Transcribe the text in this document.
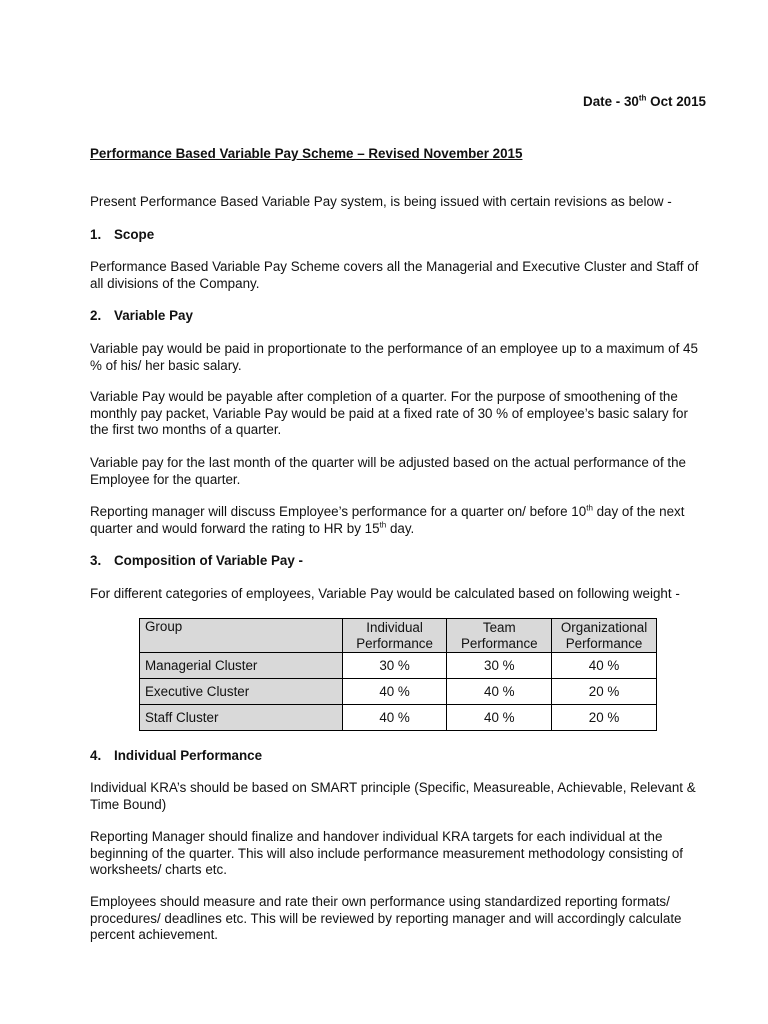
Date - 30th Oct 2015
Performance Based Variable Pay Scheme – Revised November 2015
Present Performance Based Variable Pay system, is being issued with certain revisions as below -
1. Scope
Performance Based Variable Pay Scheme covers all the Managerial and Executive Cluster and Staff of all divisions of the Company.
2. Variable Pay
Variable pay would be paid in proportionate to the performance of an employee up to a maximum of 45 % of his/ her basic salary.
Variable Pay would be payable after completion of a quarter. For the purpose of smoothening of the monthly pay packet, Variable Pay would be paid at a fixed rate of 30 % of employee’s basic salary for the first two months of a quarter.
Variable pay for the last month of the quarter will be adjusted based on the actual performance of the Employee for the quarter.
Reporting manager will discuss Employee’s performance for a quarter on/ before 10th day of the next quarter and would forward the rating to HR by 15th day.
3. Composition of Variable Pay -
For different categories of employees, Variable Pay would be calculated based on following weight -
Group	Individual Performance	Team Performance	Organizational Performance
Managerial Cluster	30 %	30 %	40 %
Executive Cluster	40 %	40 %	20 %
Staff Cluster	40 %	40 %	20 %
4. Individual Performance
Individual KRA’s should be based on SMART principle (Specific, Measureable, Achievable, Relevant & Time Bound)
Reporting Manager should finalize and handover individual KRA targets for each individual at the beginning of the quarter. This will also include performance measurement methodology consisting of worksheets/ charts etc.
Employees should measure and rate their own performance using standardized reporting formats/ procedures/ deadlines etc. This will be reviewed by reporting manager and will accordingly calculate percent achievement.
